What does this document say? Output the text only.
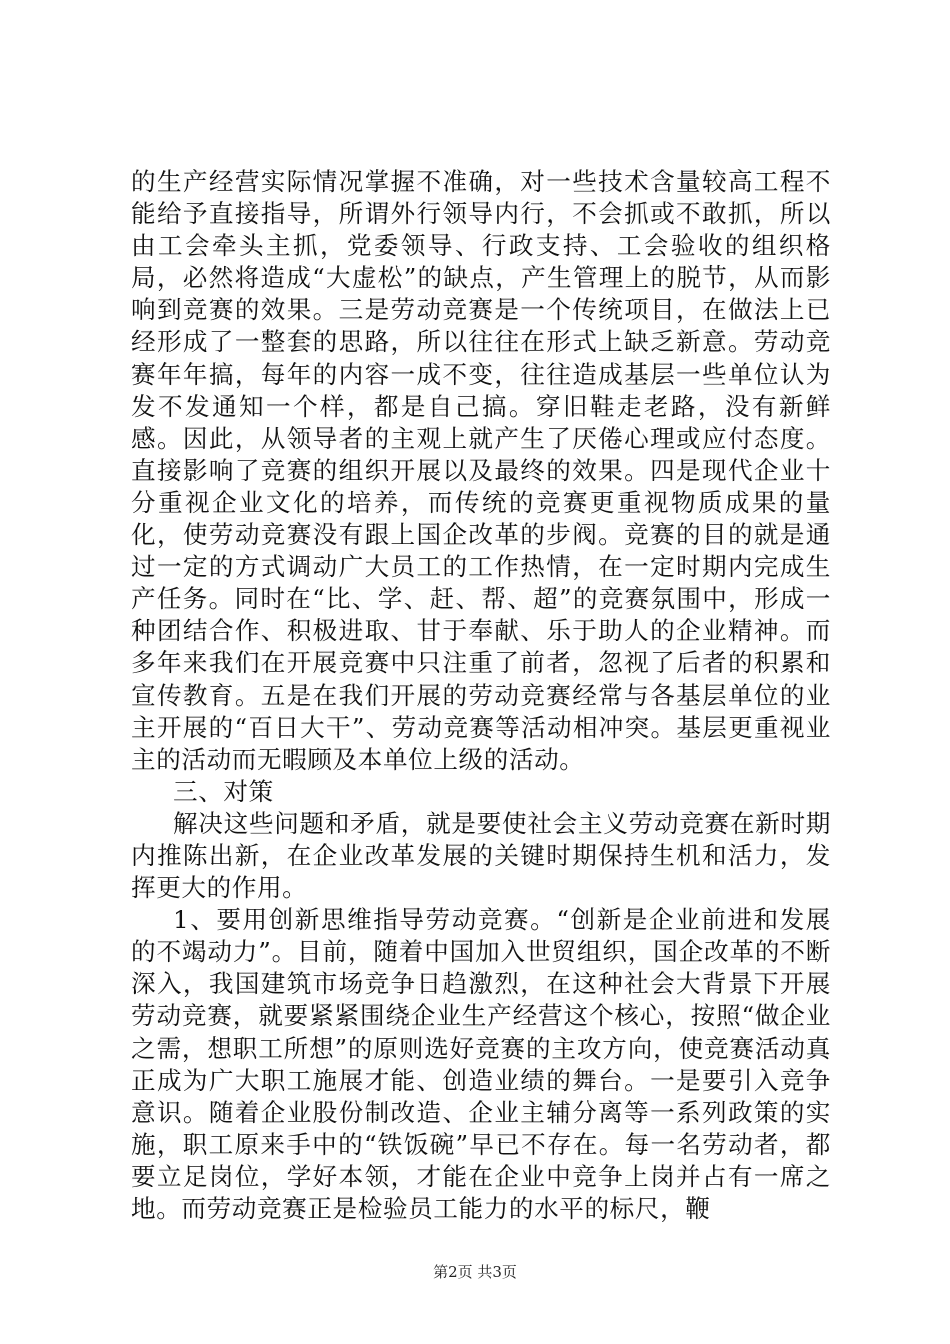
的生产经营实际情况掌握不准确，对一些技术含量较高工程不能给予直接指导，所谓外行领导内行，不会抓或不敢抓，所以由工会牵头主抓，党委领导、行政支持、工会验收的组织格局，必然将造成“大虚松”的缺点，产生管理上的脱节，从而影响到竞赛的效果。三是劳动竞赛是一个传统项目，在做法上已经形成了一整套的思路，所以往往在形式上缺乏新意。劳动竞赛年年搞，每年的内容一成不变，往往造成基层一些单位认为发不发通知一个样，都是自己搞。穿旧鞋走老路，没有新鲜感。因此，从领导者的主观上就产生了厌倦心理或应付态度。直接影响了竞赛的组织开展以及最终的效果。四是现代企业十分重视企业文化的培养，而传统的竞赛更重视物质成果的量化，使劳动竞赛没有跟上国企改革的步阀。竞赛的目的就是通过一定的方式调动广大员工的工作热情，在一定时期内完成生产任务。同时在“比、学、赶、帮、超”的竞赛氛围中，形成一种团结合作、积极进取、甘于奉献、乐于助人的企业精神。而多年来我们在开展竞赛中只注重了前者，忽视了后者的积累和宣传教育。五是在我们开展的劳动竞赛经常与各基层单位的业主开展的“百日大干”、劳动竞赛等活动相冲突。基层更重视业主的活动而无暇顾及本单位上级的活动。

三、对策

解决这些问题和矛盾，就是要使社会主义劳动竞赛在新时期内推陈出新，在企业改革发展的关键时期保持生机和活力，发挥更大的作用。

1、要用创新思维指导劳动竞赛。“创新是企业前进和发展的不竭动力”。目前，随着中国加入世贸组织，国企改革的不断深入，我国建筑市场竞争日趋激烈，在这种社会大背景下开展劳动竞赛，就要紧紧围绕企业生产经营这个核心，按照“做企业之需，想职工所想”的原则选好竞赛的主攻方向，使竞赛活动真正成为广大职工施展才能、创造业绩的舞台。一是要引入竞争意识。随着企业股份制改造、企业主辅分离等一系列政策的实施，职工原来手中的“铁饭碗”早已不存在。每一名劳动者，都要立足岗位，学好本领，才能在企业中竞争上岗并占有一席之地。而劳动竞赛正是检验员工能力的水平的标尺，鞭

第2页 共3页
